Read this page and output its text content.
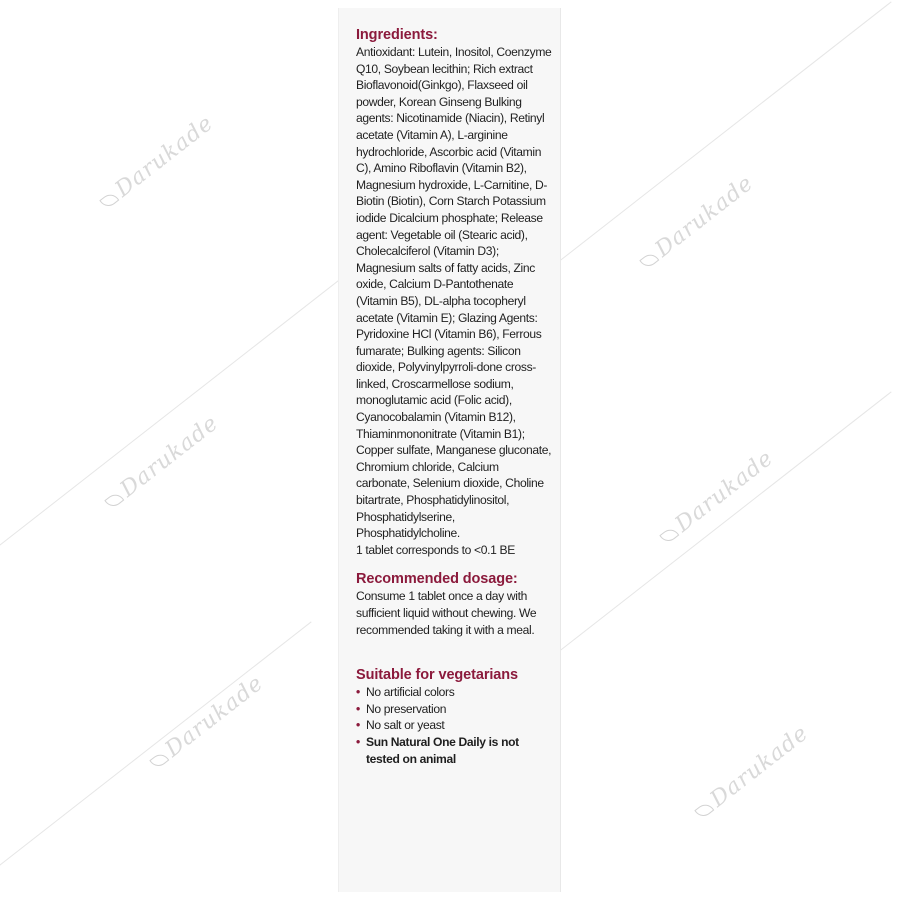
Darukade
Darukade
Darukade	Darukade
Darukade
Darukade
Ingredients:

Antioxidant: Lutein, Inositol, Coenzyme Q10, Soybean lecithin; Rich extract Bioflavonoid(Ginkgo), Flaxseed oil powder, Korean Ginseng Bulking agents: Nicotinamide (Niacin), Retinyl acetate (Vitamin A), L-arginine hydrochloride, Ascorbic acid (Vitamin C), Amino Riboflavin (Vitamin B2), Magnesium hydroxide, L-Carnitine, D-Biotin (Biotin), Corn Starch Potassium iodide Dicalcium phosphate; Release agent: Vegetable oil (Stearic acid), Cholecalciferol (Vitamin D3); Magnesium salts of fatty acids, Zinc oxide, Calcium D-Pantothenate (Vitamin B5), DL-alpha tocopheryl acetate (Vitamin E); Glazing Agents: Pyridoxine HCl (Vitamin B6), Ferrous fumarate; Bulking agents: Silicon dioxide, Polyvinylpyrroli-done cross-linked, Croscarmellose sodium, monoglutamic acid (Folic acid), Cyanocobalamin (Vitamin B12), Thiaminmononitrate (Vitamin B1); Copper sulfate, Manganese gluconate, Chromium chloride, Calcium carbonate, Selenium dioxide, Choline bitartrate, Phosphatidylinositol, Phosphatidylserine, Phosphatidylcholine.

1 tablet corresponds to <0.1 BE

Recommended dosage:

Consume 1 tablet once a day with sufficient liquid without chewing. We recommended taking it with a meal.

Suitable for vegetarians
• No artificial colors
• No preservation
• No salt or yeast
• Sun Natural One Daily is not tested on animal
